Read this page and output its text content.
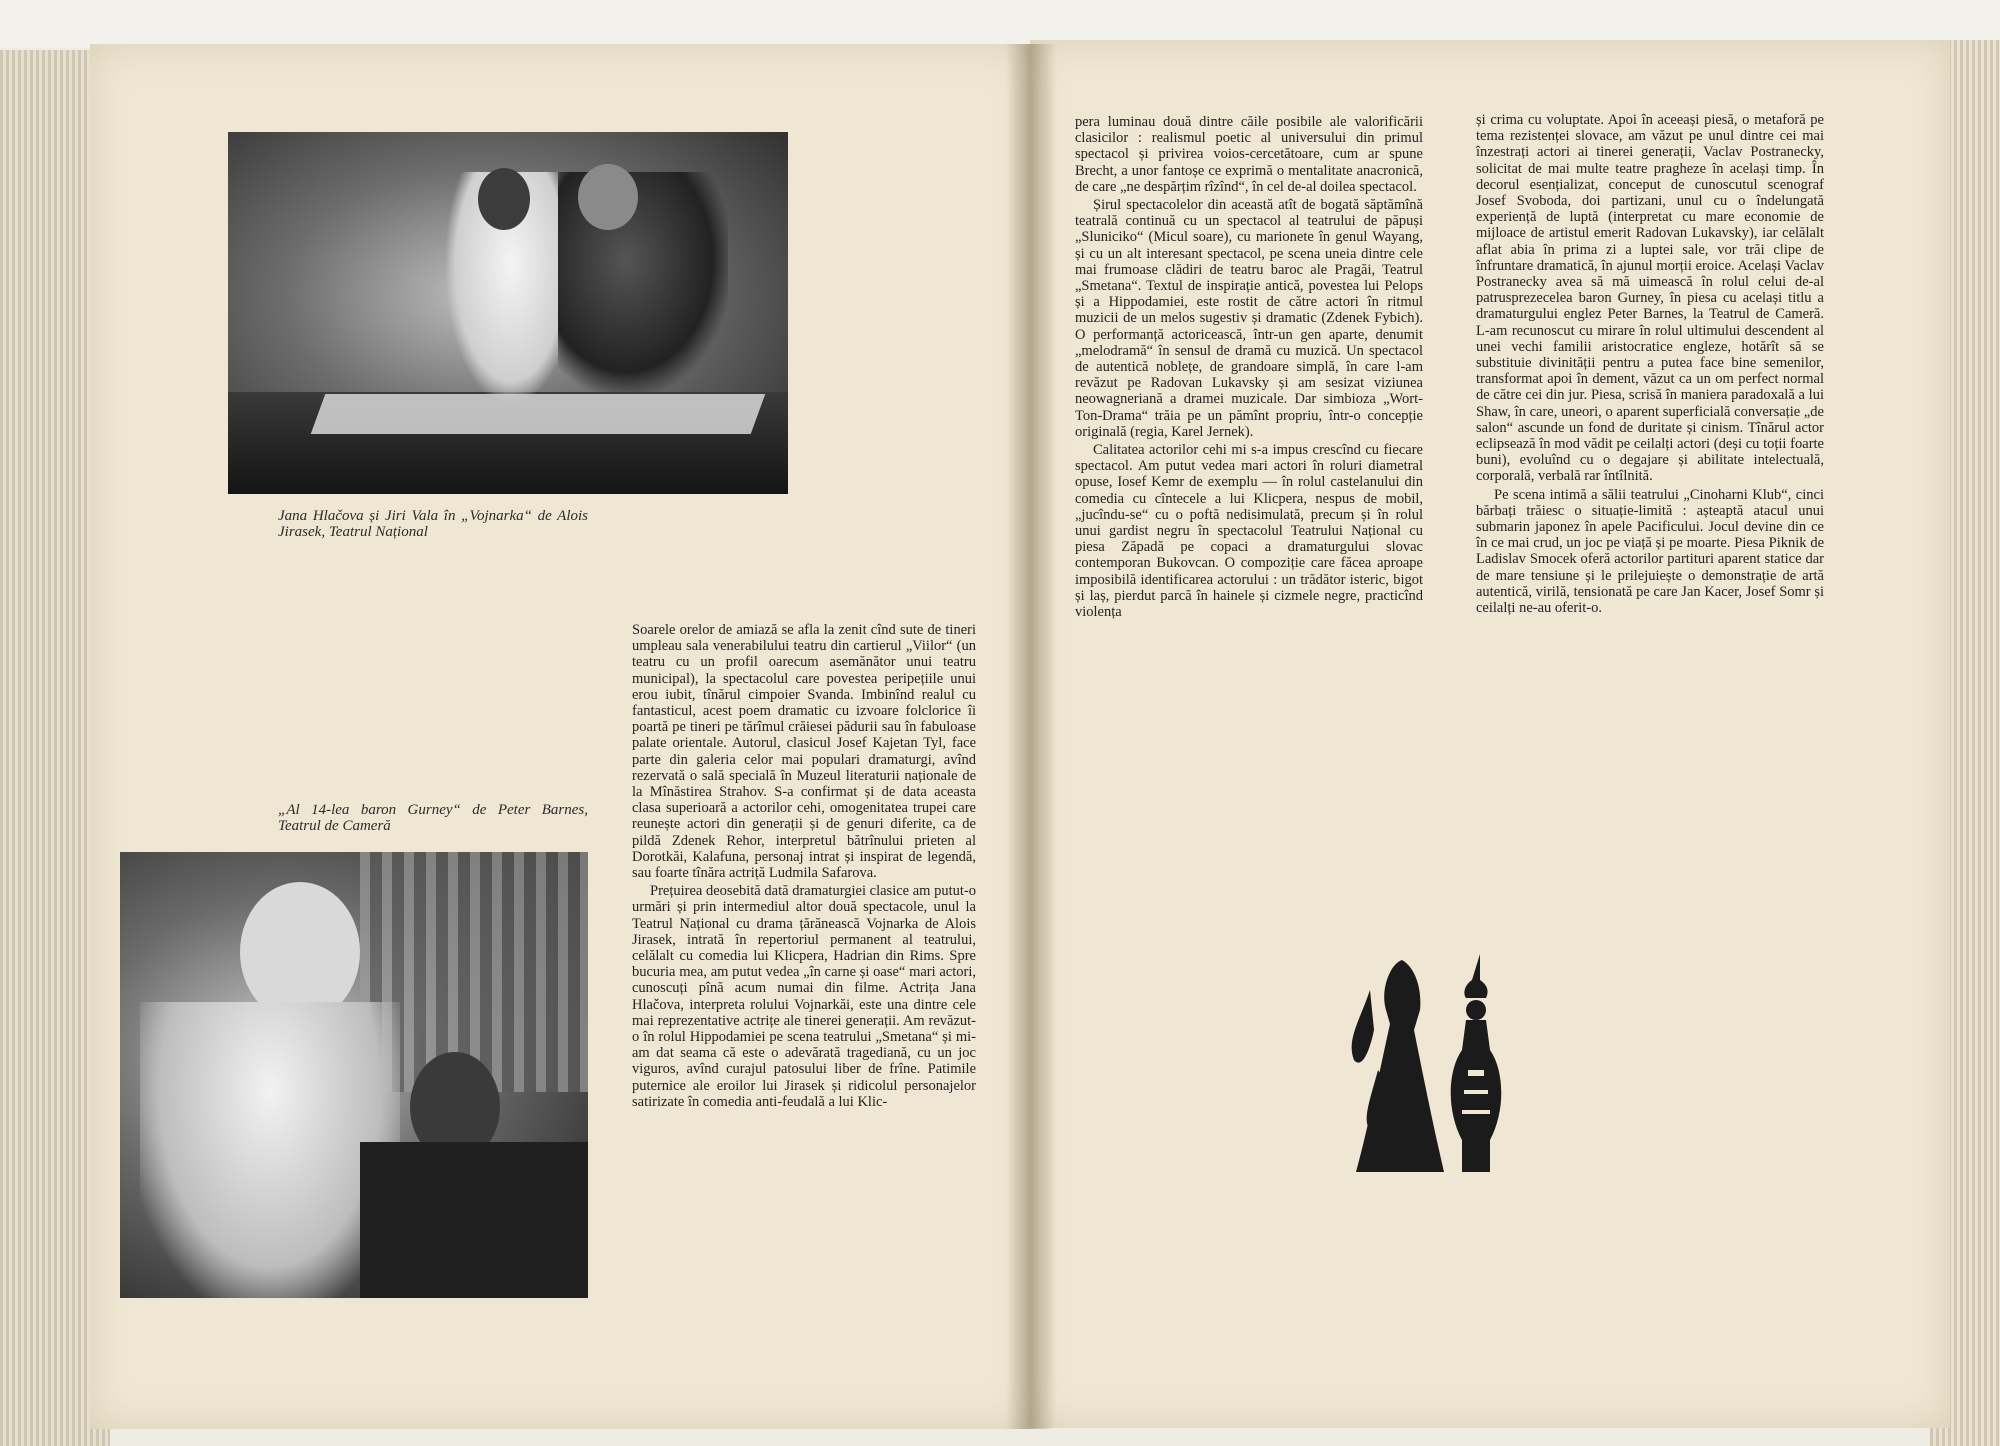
Jana Hlačova și Jiri Vala în „Vojnarka“ de Alois Jirasek, Teatrul Național
„Al 14-lea baron Gurney“ de Peter Barnes, Teatrul de Cameră

Soarele orelor de amiază se afla la zenit cînd sute de tineri umpleau sala venerabilului teatru din cartierul „Viilor“ (un teatru cu un profil oarecum asemănător unui teatru municipal), la spectacolul care povestea peripețiile unui erou iubit, tînărul cimpoier Svanda. Imbinînd realul cu fantasticul, acest poem dramatic cu izvoare folclorice îi poartă pe tineri pe tărîmul crăiesei pădurii sau în fabuloase palate orientale. Autorul, clasicul Josef Kajetan Tyl, face parte din galeria celor mai populari dramaturgi, avînd rezervată o sală specială în Muzeul literaturii naționale de la Mînăstirea Strahov. S-a confirmat și de data aceasta clasa superioară a actorilor cehi, omogenitatea trupei care reunește actori din generații și de genuri diferite, ca de pildă Zdenek Rehor, interpretul bătrînului prieten al Dorotkăi, Kalafuna, personaj intrat și inspirat de legendă, sau foarte tînăra actriță Ludmila Safarova.

Prețuirea deosebită dată dramaturgiei clasice am putut-o urmări și prin intermediul altor două spectacole, unul la Teatrul Național cu drama țărănească Vojnarka de Alois Jirasek, intrată în repertoriul permanent al teatrului, celălalt cu comedia lui Klicpera, Hadrian din Rims. Spre bucuria mea, am putut vedea „în carne și oase“ mari actori, cunoscuți pînă acum numai din filme. Actrița Jana Hlačova, interpreta rolului Vojnarkăi, este una dintre cele mai reprezentative actrițe ale tinerei generații. Am revăzut-o în rolul Hippodamiei pe scena teatrului „Smetana“ și mi-am dat seama că este o adevărată tragediană, cu un joc viguros, avînd curajul patosului liber de frîne. Patimile puternice ale eroilor lui Jirasek și ridicolul personajelor satirizate în comedia anti-feudală a lui Klic-

pera luminau două dintre căile posibile ale valorificării clasicilor : realismul poetic al universului din primul spectacol și privirea voios-cercetătoare, cum ar spune Brecht, a unor fantoșe ce exprimă o mentalitate anacronică, de care „ne despărțim rîzînd“, în cel de-al doilea spectacol.

Șirul spectacolelor din această atît de bogată săptămînă teatrală continuă cu un spectacol al teatrului de păpuși „Sluniciko“ (Micul soare), cu marionete în genul Wayang, și cu un alt interesant spectacol, pe scena uneia dintre cele mai frumoase clădiri de teatru baroc ale Pragăi, Teatrul „Smetana“. Textul de inspirație antică, povestea lui Pelops și a Hippodamiei, este rostit de către actori în ritmul muzicii de un melos sugestiv și dramatic (Zdenek Fybich). O performanță actoricească, într-un gen aparte, denumit „melodramă“ în sensul de dramă cu muzică. Un spectacol de autentică noblețe, de grandoare simplă, în care l-am revăzut pe Radovan Lukavsky și am sesizat viziunea neowagneriană a dramei muzicale. Dar simbioza „Wort-Ton-Drama“ trăia pe un pămînt propriu, într-o concepție originală (regia, Karel Jernek).

Calitatea actorilor cehi mi s-a impus crescînd cu fiecare spectacol. Am putut vedea mari actori în roluri diametral opuse, Iosef Kemr de exemplu — în rolul castelanului din comedia cu cîntecele a lui Klicpera, nespus de mobil, „jucîndu-se“ cu o poftă nedisimulată, precum și în rolul unui gardist negru în spectacolul Teatrului Național cu piesa Zăpadă pe copaci a dramaturgului slovac contemporan Bukovcan. O compoziție care făcea aproape imposibilă identificarea actorului : un trădător isteric, bigot și laș, pierdut parcă în hainele și cizmele negre, practicînd violența

și crima cu voluptate. Apoi în aceeași piesă, o metaforă pe tema rezistenței slovace, am văzut pe unul dintre cei mai înzestrați actori ai tinerei generații, Vaclav Postranecky, solicitat de mai multe teatre pragheze în același timp. În decorul esențializat, conceput de cunoscutul scenograf Josef Svoboda, doi partizani, unul cu o îndelungată experiență de luptă (interpretat cu mare economie de mijloace de artistul emerit Radovan Lukavsky), iar celălalt aflat abia în prima zi a luptei sale, vor trăi clipe de înfruntare dramatică, în ajunul morții eroice. Același Vaclav Postranecky avea să mă uimească în rolul celui de-al patrusprezecelea baron Gurney, în piesa cu același titlu a dramaturgului englez Peter Barnes, la Teatrul de Cameră. L-am recunoscut cu mirare în rolul ultimului descendent al unei vechi familii aristocratice engleze, hotărît să se substituie divinității pentru a putea face bine semenilor, transformat apoi în dement, văzut ca un om perfect normal de către cei din jur. Piesa, scrisă în maniera paradoxală a lui Shaw, în care, uneori, o aparent superficială conversație „de salon“ ascunde un fond de duritate și cinism. Tînărul actor eclipsează în mod vădit pe ceilalți actori (deși cu toții foarte buni), evoluînd cu o degajare și abilitate intelectuală, corporală, verbală rar întîlnită.

Pe scena intimă a sălii teatrului „Cinoharni Klub“, cinci bărbați trăiesc o situație-limită : așteaptă atacul unui submarin japonez în apele Pacificului. Jocul devine din ce în ce mai crud, un joc pe viață și pe moarte. Piesa Piknik de Ladislav Smocek oferă actorilor partituri aparent statice dar de mare tensiune și le prilejuiește o demonstrație de artă autentică, virilă, tensionată pe care Jan Kacer, Josef Somr și ceilalți ne-au oferit-o.
